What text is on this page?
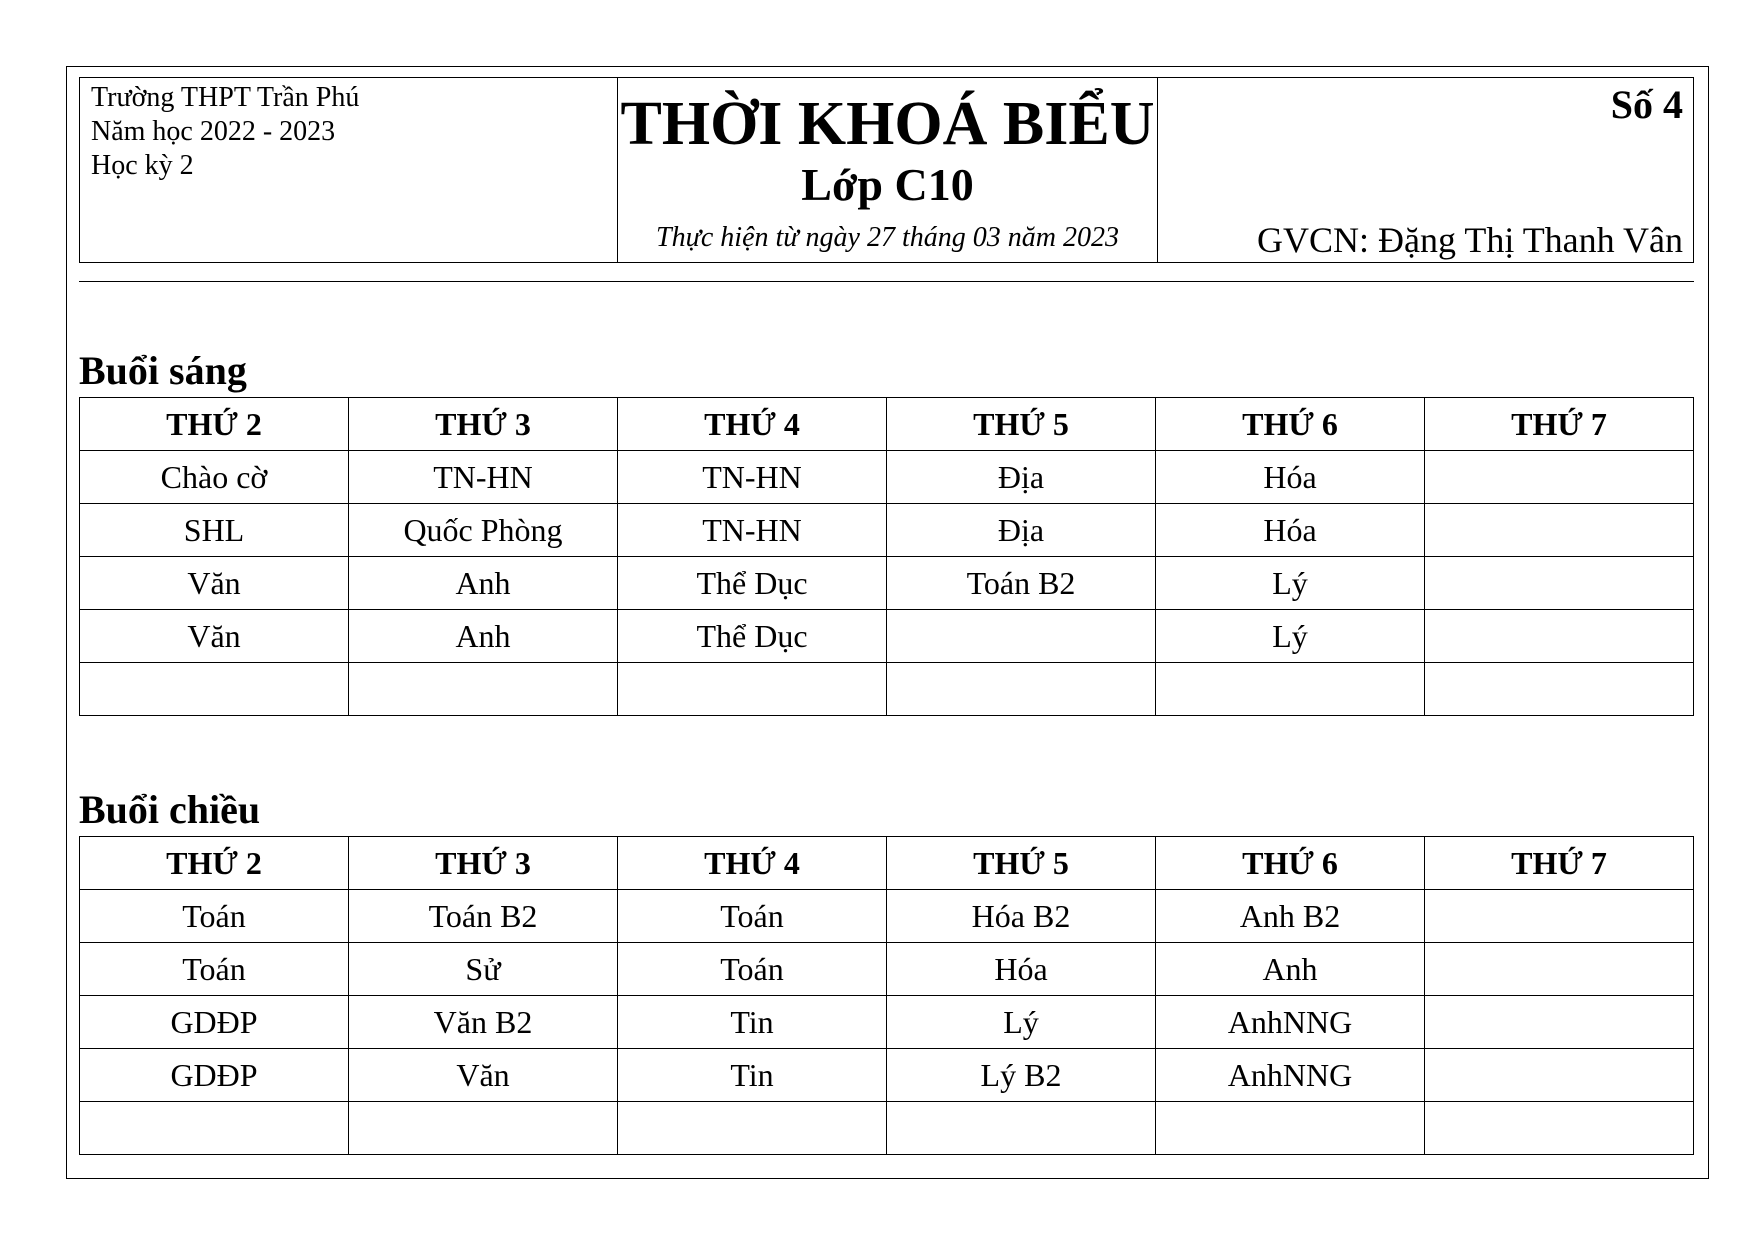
Trường THPT Trần Phú
Năm học 2022 - 2023
Học kỳ 2
THỜI KHOÁ BIỂU
Lớp C10
Thực hiện từ ngày 27 tháng 03 năm 2023
Số 4
GVCN: Đặng Thị Thanh Vân
Buổi sáng
THỨ 2	THỨ 3	THỨ 4	THỨ 5	THỨ 6	THỨ 7
Chào cờ	TN-HN	TN-HN	Địa	Hóa	
SHL	Quốc Phòng	TN-HN	Địa	Hóa	
Văn	Anh	Thể Dục	Toán B2	Lý	
Văn	Anh	Thể Dục		Lý	

Buổi chiều
THỨ 2	THỨ 3	THỨ 4	THỨ 5	THỨ 6	THỨ 7
Toán	Toán B2	Toán	Hóa B2	Anh B2	
Toán	Sử	Toán	Hóa	Anh	
GDĐP	Văn B2	Tin	Lý	AnhNNG	
GDĐP	Văn	Tin	Lý B2	AnhNNG	
